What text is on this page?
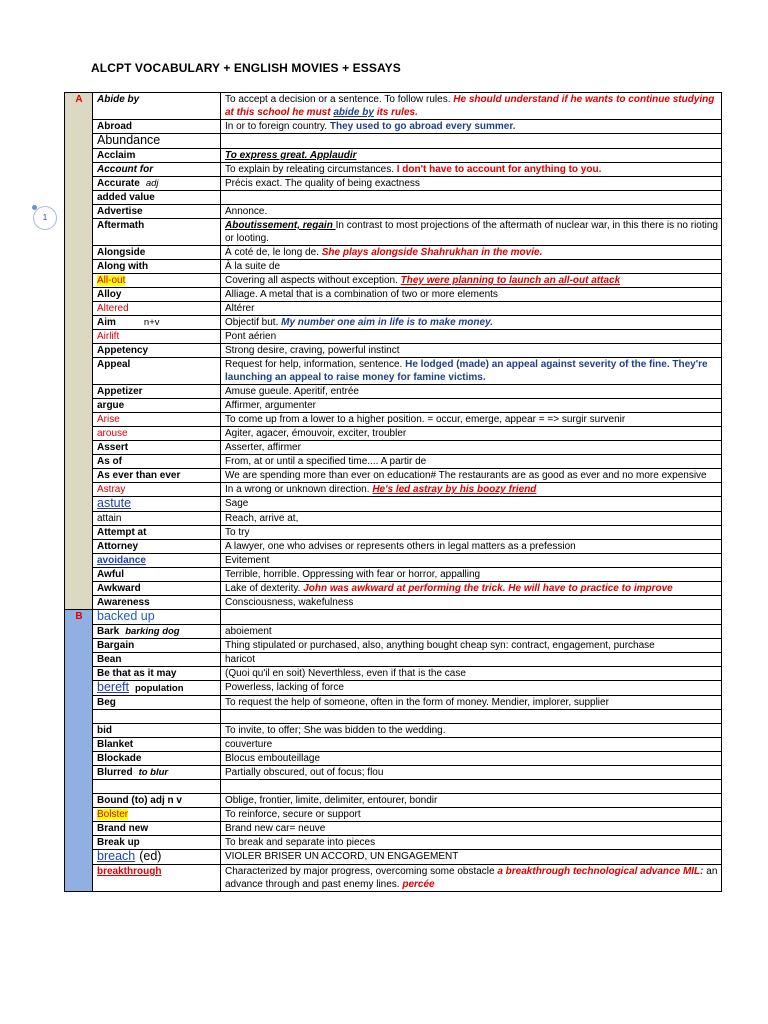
ALCPT VOCABULARY + ENGLISH MOVIES + ESSAYS
1
A	Abide by	To accept a decision or a sentence. To follow rules. He should understand if he wants to continue studying at this school he must abide by its rules.
	Abroad	In or to foreign country. They used to go abroad every summer.
	Abundance	
	Acclaim	To express great. Applaudir
	Account for	To explain by releating circumstances. I don't have to account for anything to you.
	Accurate adj	Précis exact. The quality of being exactness
	added value	
	Advertise	Annonce.
	Aftermath	Aboutissement, regain In contrast to most projections of the aftermath of nuclear war, in this there is no rioting or looting.
	Alongside	À coté de, le long de. She plays alongside Shahrukhan in the movie.
	Along with	À la suite de
	All-out	Covering all aspects without exception. They were planning to launch an all-out attack
	Alloy	Alliage. A metal that is a combination of two or more elements
	Altered	Altérer
	Aim n+v	Objectif but. My number one aim in life is to make money.
	Airlift	Pont aérien
	Appetency	Strong desire, craving, powerful instinct
	Appeal	Request for help, information, sentence. He lodged (made) an appeal against severity of the fine. They're launching an appeal to raise money for famine victims.
	Appetizer	Amuse gueule. Aperitif, entrée
	argue	Affirmer, argumenter
	Arise	To come up from a lower to a higher position. = occur, emerge, appear = => surgir survenir
	arouse	Agiter, agacer, émouvoir, exciter, troubler
	Assert	Asserter, affirmer
	As of	From, at or until a specified time.... A partir de
	As ever than ever	We are spending more than ever on education# The restaurants are as good as ever and no more expensive
	Astray	In a wrong or unknown direction. He's led astray by his boozy friend
	astute	Sage
	attain	Reach, arrive at,
	Attempt at	To try
	Attorney	A lawyer, one who advises or represents others in legal matters as a prefession
	avoidance	Evitement
	Awful	Terrible, horrible. Oppressing with fear or horror, appalling
	Awkward	Lake of dexterity. John was awkward at performing the trick. He will have to practice to improve
	Awareness	Consciousness, wakefulness
B	backed up	
	Bark barking dog	aboiement
	Bargain	Thing stipulated or purchased, also, anything bought cheap syn: contract, engagement, purchase
	Bean	haricot
	Be that as it may	(Quoi qu'il en soit) Neverthless, even if that is the case
	bereft population	Powerless, lacking of force
	Beg	To request the help of someone, often in the form of money. Mendier, implorer, supplier

	bid	To invite, to offer; She was bidden to the wedding.
	Blanket	couverture
	Blockade	Blocus embouteillage
	Blurred to blur	Partially obscured, out of focus; flou

	Bound (to) adj n v	Oblige, frontier, limite, delimiter, entourer, bondir
	Bolster	To reinforce, secure or support
	Brand new	Brand new car= neuve
	Break up	To break and separate into pieces
	breach (ed)	VIOLER BRISER UN ACCORD, UN ENGAGEMENT
	breakthrough	Characterized by major progress, overcoming some obstacle a breakthrough technological advance MIL: an advance through and past enemy lines. percée
